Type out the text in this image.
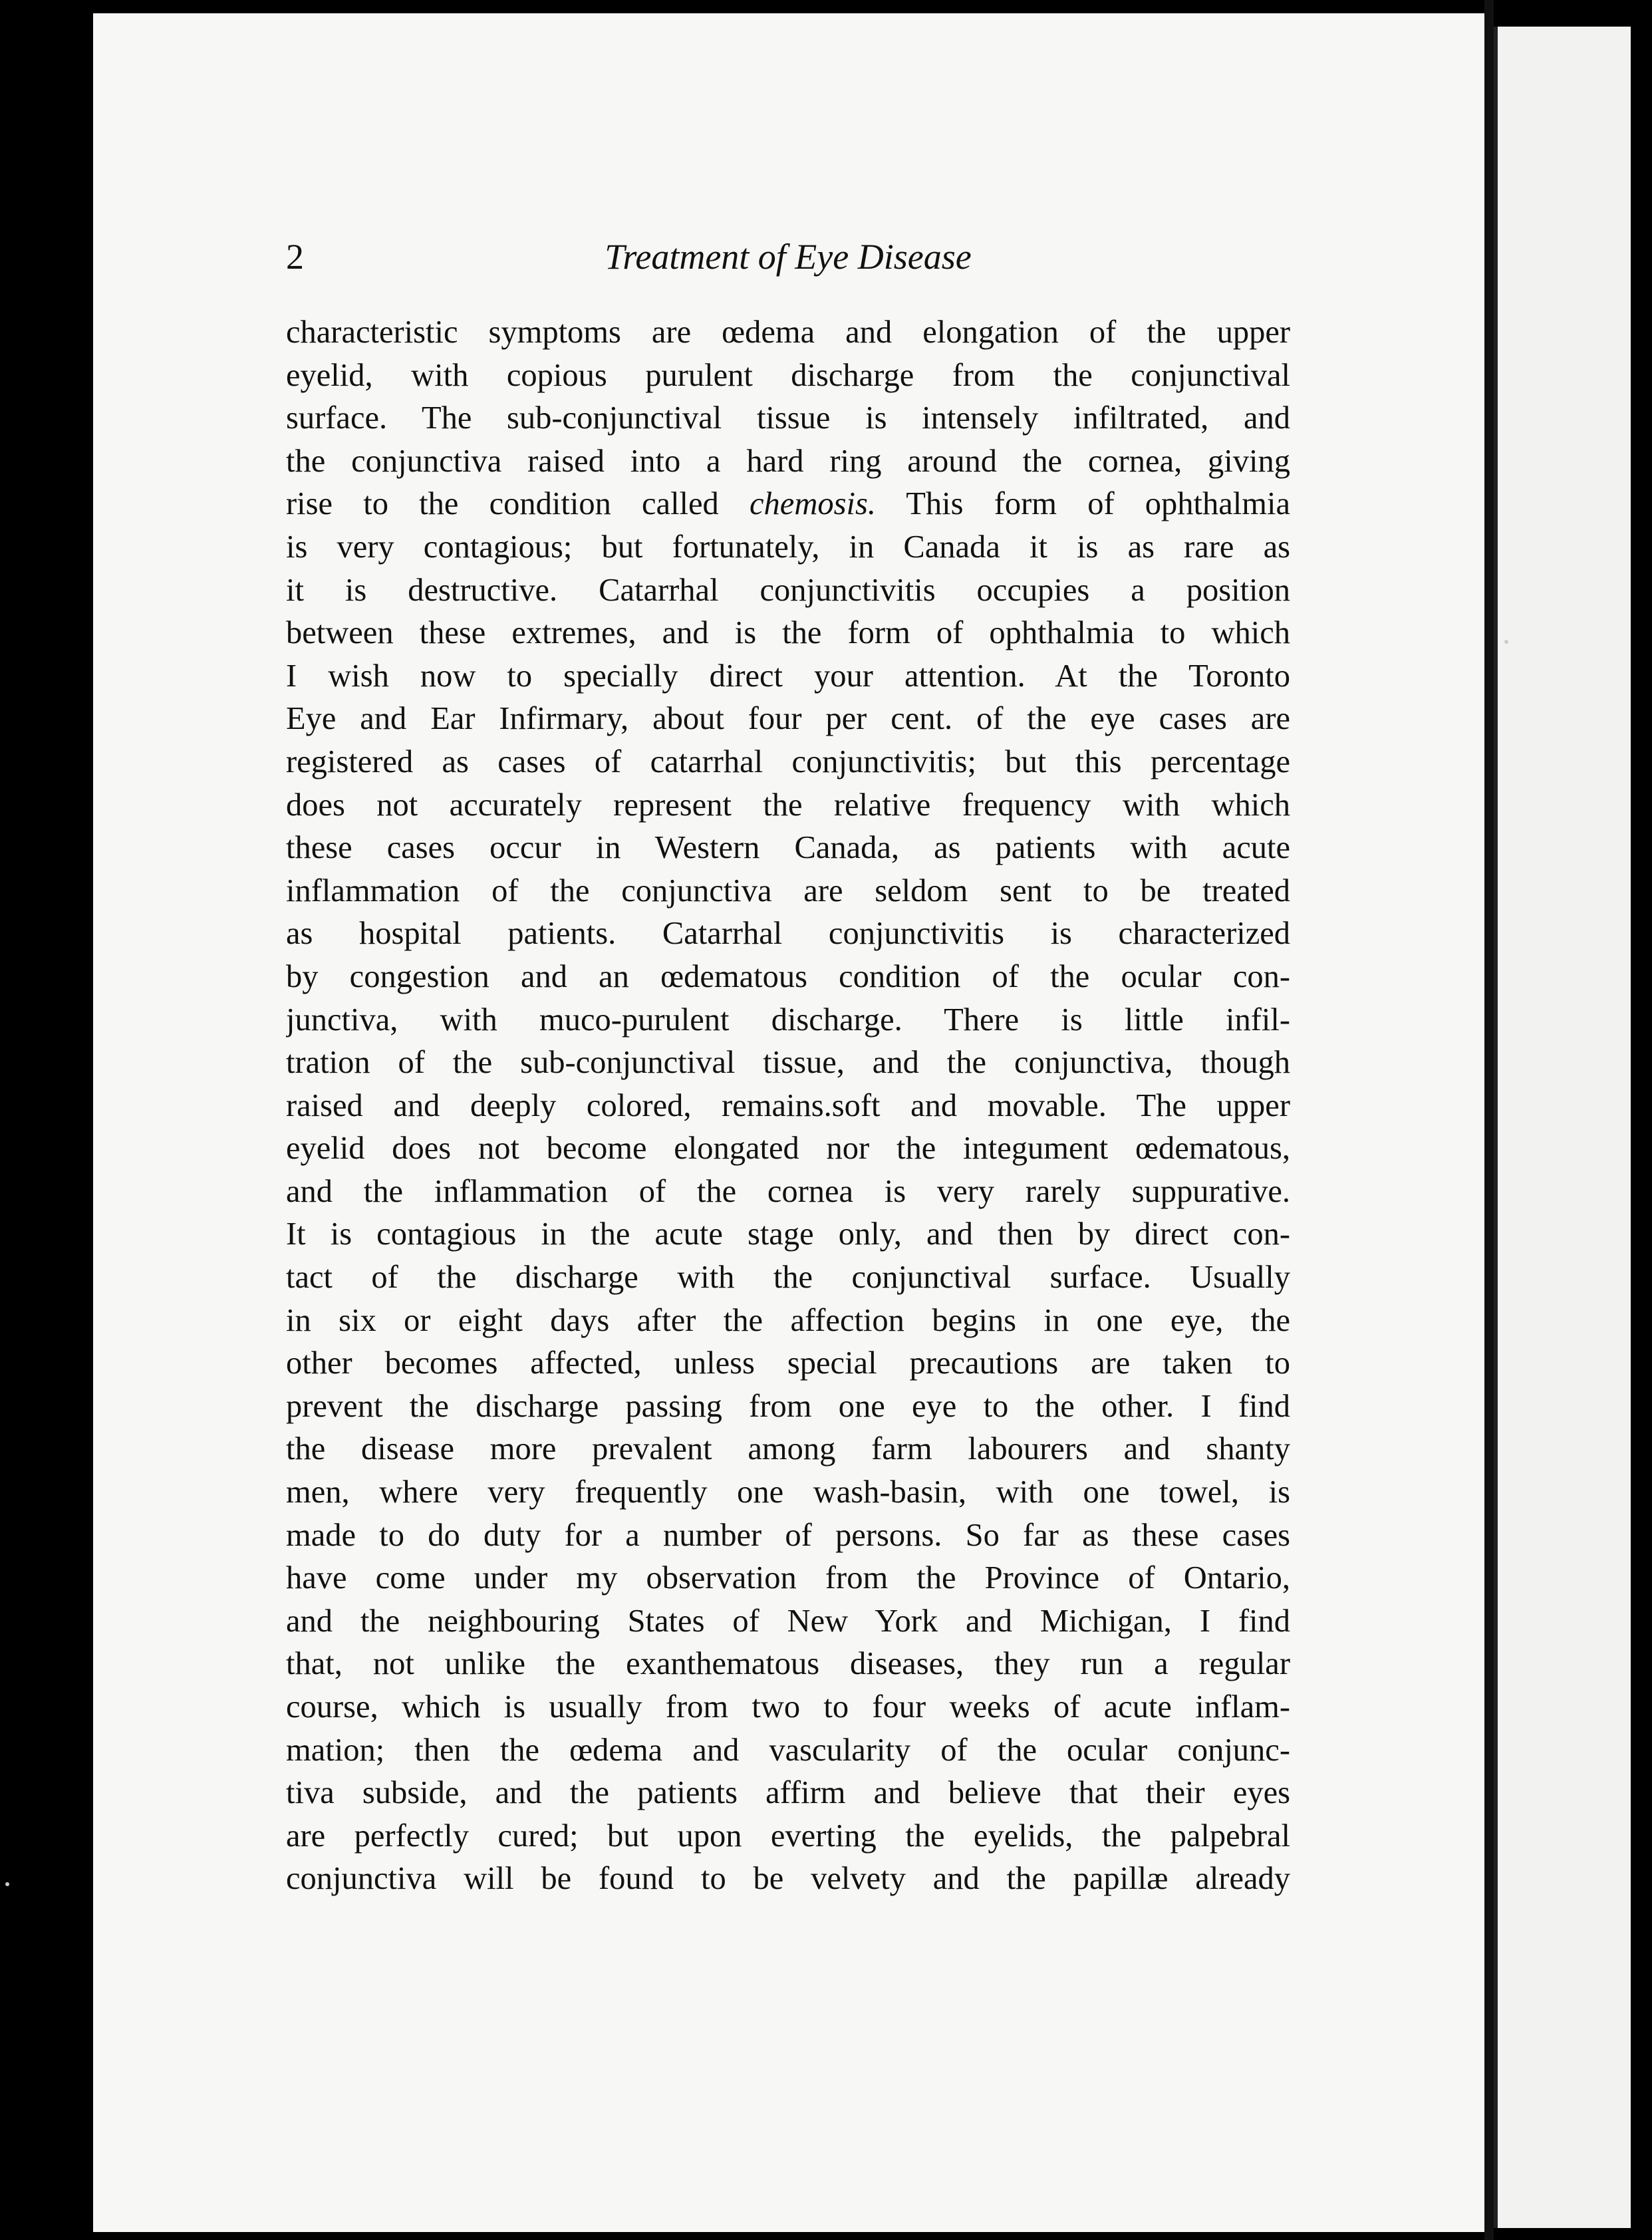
2	Treatment of Eye Disease
characteristic symptoms are œdema and elongation of the upper
eyelid, with copious purulent discharge from the conjunctival
surface. The sub-conjunctival tissue is intensely infiltrated, and
the conjunctiva raised into a hard ring around the cornea, giving
rise to the condition called chemosis. This form of ophthalmia
is very contagious; but fortunately, in Canada it is as rare as
it is destructive. Catarrhal conjunctivitis occupies a position
between these extremes, and is the form of ophthalmia to which
I wish now to specially direct your attention. At the Toronto
Eye and Ear Infirmary, about four per cent. of the eye cases are
registered as cases of catarrhal conjunctivitis; but this percentage
does not accurately represent the relative frequency with which
these cases occur in Western Canada, as patients with acute
inflammation of the conjunctiva are seldom sent to be treated
as hospital patients. Catarrhal conjunctivitis is characterized
by congestion and an œdematous condition of the ocular con-
junctiva, with muco-purulent discharge. There is little infil-
tration of the sub-conjunctival tissue, and the conjunctiva, though
raised and deeply colored, remains.soft and movable. The upper
eyelid does not become elongated nor the integument œdematous,
and the inflammation of the cornea is very rarely suppurative.
It is contagious in the acute stage only, and then by direct con-
tact of the discharge with the conjunctival surface. Usually
in six or eight days after the affection begins in one eye, the
other becomes affected, unless special precautions are taken to
prevent the discharge passing from one eye to the other. I find
the disease more prevalent among farm labourers and shanty
men, where very frequently one wash-basin, with one towel, is
made to do duty for a number of persons. So far as these cases
have come under my observation from the Province of Ontario,
and the neighbouring States of New York and Michigan, I find
that, not unlike the exanthematous diseases, they run a regular
course, which is usually from two to four weeks of acute inflam-
mation; then the œdema and vascularity of the ocular conjunc-
tiva subside, and the patients affirm and believe that their eyes
are perfectly cured; but upon everting the eyelids, the palpebral
conjunctiva will be found to be velvety and the papillæ already
